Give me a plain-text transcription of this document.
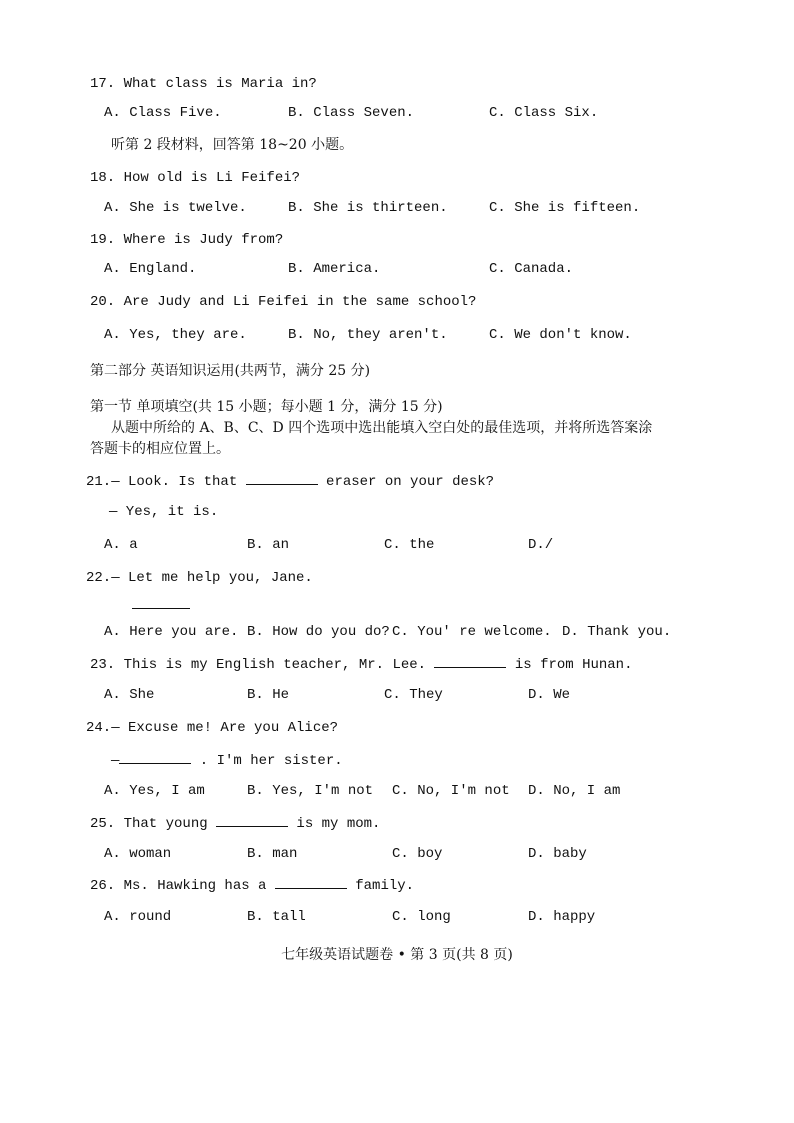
17. What class is Maria in?
A. Class Five.	B. Class Seven.	C. Class Six.
听第 2 段材料，回答第 18~20 小题。
18. How old is Li Feifei?
A. She is twelve.	B. She is thirteen.	C. She is fifteen.
19. Where is Judy from?
A. England.	B. America.	C. Canada.
20. Are Judy and Li Feifei in the same school?
A. Yes, they are.	B. No, they aren't.	C. We don't know.
第二部分 英语知识运用(共两节，满分 25 分)
第一节 单项填空(共 15 小题；每小题 1 分，满分 15 分)
从题中所给的 A、B、C、D 四个选项中选出能填入空白处的最佳选项，并将所选答案涂
答题卡的相应位置上。
21.— Look. Is that	eraser on your desk?
— Yes, it is.
A. a	B. an	C. the	D./
22.— Let me help you, Jane.
A. Here you are. B. How do you do? C. You' re welcome. D. Thank you.
23. This is my English teacher, Mr. Lee.	is from Hunan.
A. She	B. He	C. They	D. We
24.— Excuse me! Are you Alice?
—	. I'm her sister.
A. Yes, I am	B. Yes, I'm not C. No, I'm not D. No, I am
25. That young	is my mom.
A. woman	B. man	C. boy	D. baby
26. Ms. Hawking has a	family.
A. round	B. tall	C. long	D. happy
七年级英语试题卷 • 第 3 页(共 8 页)
